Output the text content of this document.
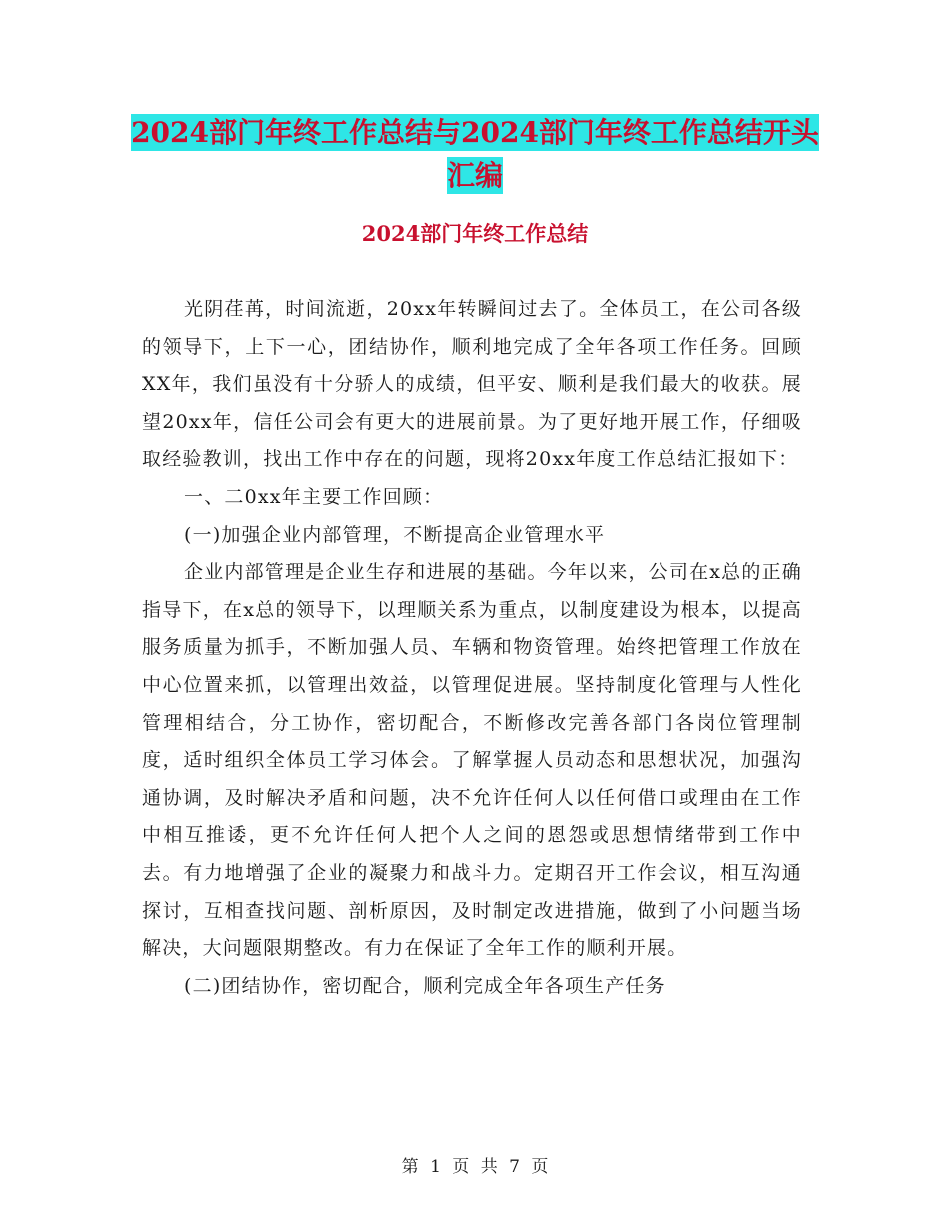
2024部门年终工作总结与2024部门年终工作总结开头
汇编
2024部门年终工作总结

光阴荏苒，时间流逝，20xx年转瞬间过去了。全体员工，在公司各级的领导下，上下一心，团结协作，顺利地完成了全年各项工作任务。回顾XX年，我们虽没有十分骄人的成绩，但平安、顺利是我们最大的收获。展望20xx年，信任公司会有更大的进展前景。为了更好地开展工作，仔细吸取经验教训，找出工作中存在的问题，现将20xx年度工作总结汇报如下：

一、二0xx年主要工作回顾：

(一)加强企业内部管理，不断提高企业管理水平

企业内部管理是企业生存和进展的基础。今年以来，公司在x总的正确指导下，在x总的领导下，以理顺关系为重点，以制度建设为根本，以提高服务质量为抓手，不断加强人员、车辆和物资管理。始终把管理工作放在中心位置来抓，以管理出效益，以管理促进展。坚持制度化管理与人性化管理相结合，分工协作，密切配合，不断修改完善各部门各岗位管理制度，适时组织全体员工学习体会。了解掌握人员动态和思想状况，加强沟通协调，及时解决矛盾和问题，决不允许任何人以任何借口或理由在工作中相互推诿，更不允许任何人把个人之间的恩怨或思想情绪带到工作中去。有力地增强了企业的凝聚力和战斗力。定期召开工作会议，相互沟通探讨，互相查找问题、剖析原因，及时制定改进措施，做到了小问题当场解决，大问题限期整改。有力在保证了全年工作的顺利开展。

(二)团结协作，密切配合，顺利完成全年各项生产任务

第 1 页 共 7 页
